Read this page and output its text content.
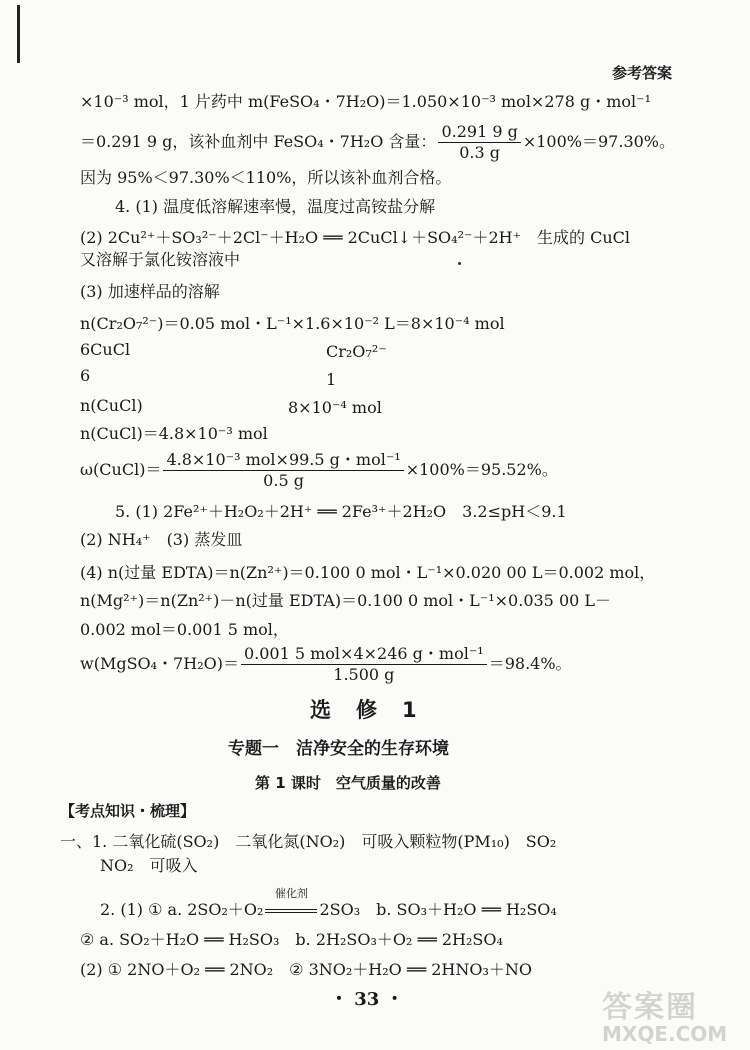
参考答案
×10⁻³ mol，1 片药中 m(FeSO₄・7H₂O)＝1.050×10⁻³ mol×278 g・mol⁻¹
＝0.291 9 g，该补血剂中 FeSO₄・7H₂O 含量： $\frac{0.291 9 g}{0.3 g} \times 100\%=97.30\%$。
因为 95%＜97.30%＜110%，所以该补血剂合格。
4. (1) 温度低溶解速率慢，温度过高铵盐分解
(2) 2Cu²⁺＋SO₃²⁻＋2Cl⁻＋H₂O ══ 2CuCl↓＋SO₄²⁻＋2H⁺　生成的 CuCl
又溶解于氯化铵溶液中
(3) 加速样品的溶解
n(Cr₂O₇²⁻)＝0.05 mol・L⁻¹×1.6×10⁻² L＝8×10⁻⁴ mol
6CuCl	Cr₂O₇²⁻
6	1
n(CuCl)	8×10⁻⁴ mol
n(CuCl)＝4.8×10⁻³ mol
ω(CuCl)＝ $\frac{\text{4.8×10⁻³ mol×99.5 g・mol⁻¹}}{0.5 g} \times 100\%=95.52\%$。
5. (1) 2Fe²⁺＋H₂O₂＋2H⁺ ══ 2Fe³⁺＋2H₂O　3.2≤pH＜9.1
(2) NH₄⁺　(3) 蒸发皿
(4) n(过量 EDTA)＝n(Zn²⁺)＝0.100 0 mol・L⁻¹×0.020 00 L＝0.002 mol，
n(Mg²⁺)＝n(Zn²⁺)－n(过量 EDTA)＝0.100 0 mol・L⁻¹×0.035 00 L－
0.002 mol＝0.001 5 mol，
w(MgSO₄・$7H_2O)= \frac{\text{0.001 5 mol×4×246 g・mol⁻¹}}{1.500 g} =98.4\%$。
选　修　1
专题一　洁净安全的生存环境
第 1 课时　空气质量的改善
【考点知识・梳理】
一、1. 二氧化硫(SO₂)　二氧化氮(NO₂)　可吸入颗粒物(PM₁₀)　SO₂
NO₂　可吸入
2. (1) ① a. 2SO₂＋O₂
催化剂
2SO₃　b. SO₃＋H₂O ══ H₂SO₄
② a. SO₂＋H₂O ══ H₂SO₃　b. 2H₂SO₃＋O₂ ══ 2H₂SO₄
(2) ① 2NO＋O₂ ══ 2NO₂　② 3NO₂＋H₂O ══ 2HNO₃＋NO
・ 33 ・	答案圈
MXQE.COM
